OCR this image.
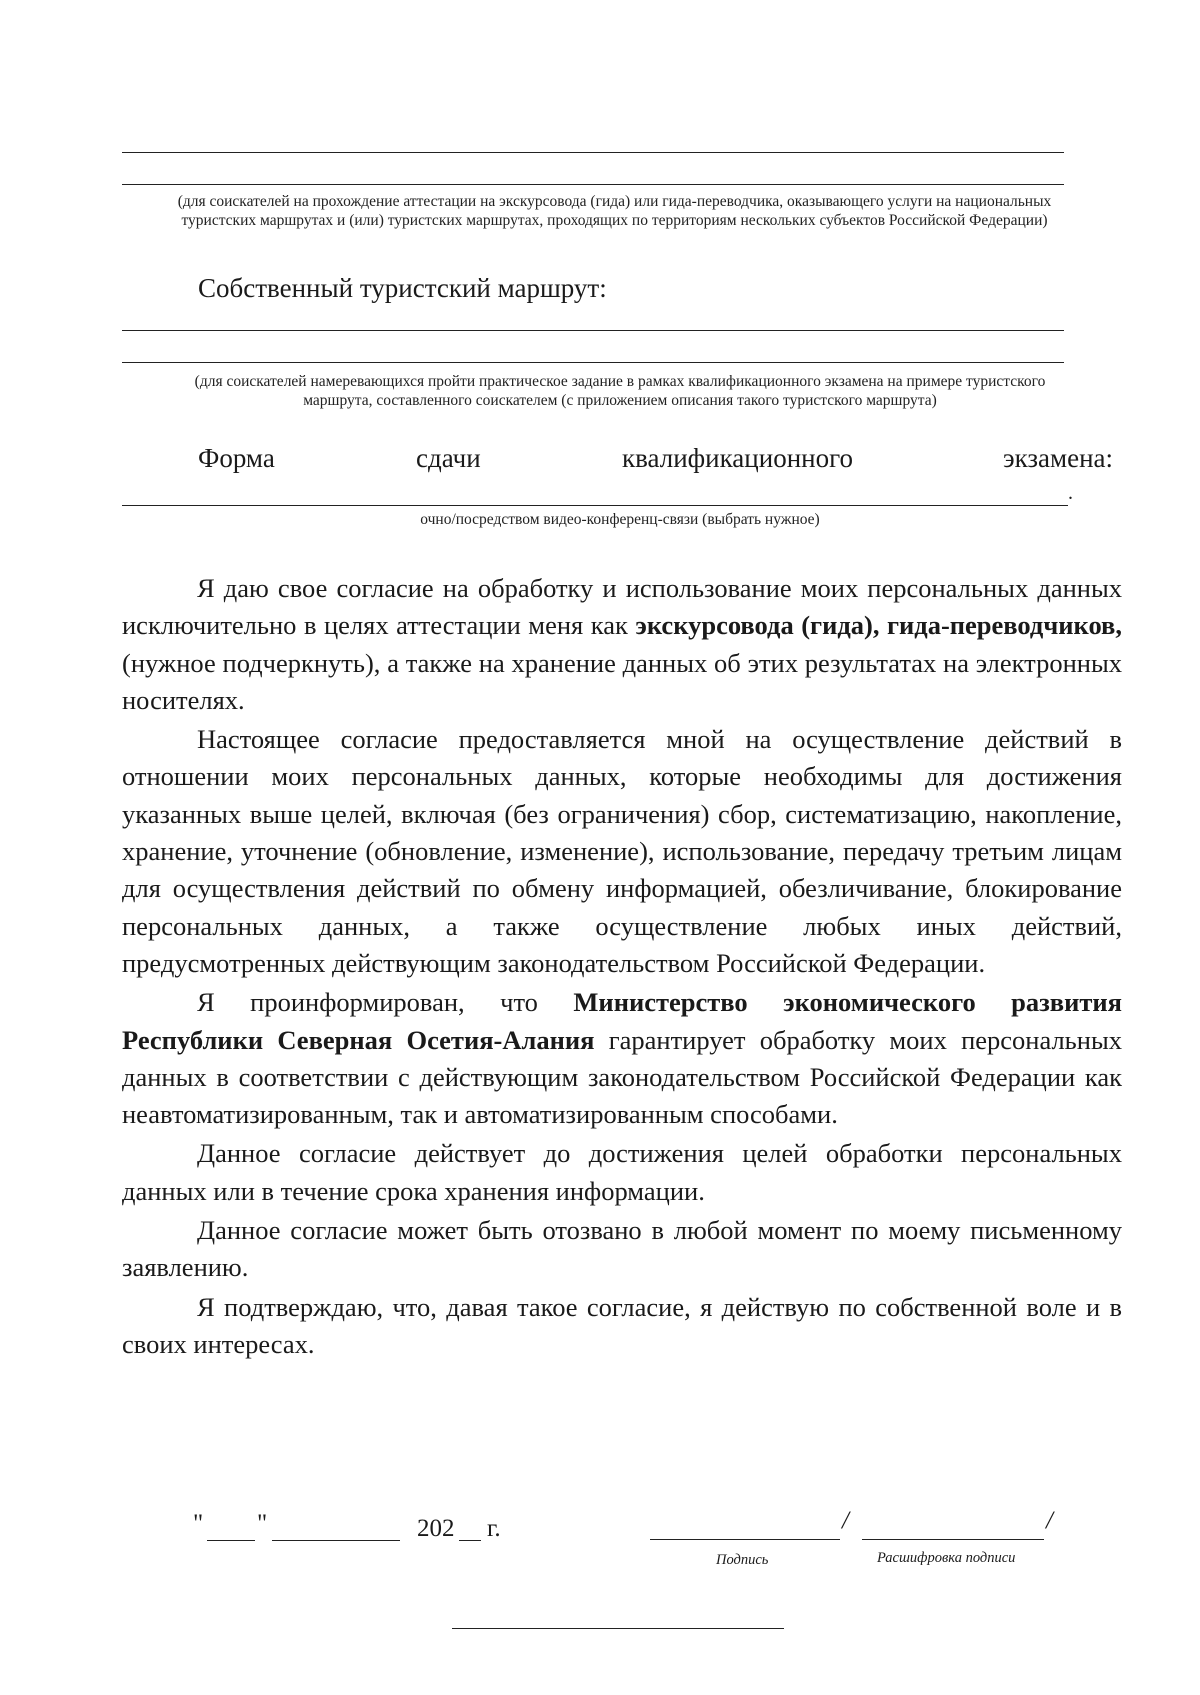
(для соискателей на прохождение аттестации на экскурсовода (гида) или гида-переводчика, оказывающего услуги на национальных туристских маршрутах и (или) туристских маршрутах, проходящих по территориям нескольких субъектов Российской Федерации)
Собственный туристский маршрут:
(для соискателей намеревающихся пройти практическое задание в рамках квалификационного экзамена на примере туристского маршрута, составленного соискателем (с приложением описания такого туристского маршрута)
Форма	сдачи	квалификационного	экзамена:
.
очно/посредством видео-конференц-связи (выбрать нужное)

Я даю свое согласие на обработку и использование моих персональных данных исключительно в целях аттестации меня как экскурсовода (гида), гида-переводчиков, (нужное подчеркнуть), а также на хранение данных об этих результатах на электронных носителях.

Настоящее согласие предоставляется мной на осуществление действий в отношении моих персональных данных, которые необходимы для достижения указанных выше целей, включая (без ограничения) сбор, систематизацию, накопление, хранение, уточнение (обновление, изменение), использование, передачу третьим лицам для осуществления действий по обмену информацией, обезличивание, блокирование персональных данных, а также осуществление любых иных действий, предусмотренных действующим законодательством Российской Федерации.

Я проинформирован, что Министерство экономического развития Республики Северная Осетия-Алания гарантирует обработку моих персональных данных в соответствии с действующим законодательством Российской Федерации как неавтоматизированным, так и автоматизированным способами.

Данное согласие действует до достижения целей обработки персональных данных или в течение срока хранения информации.

Данное согласие может быть отозвано в любой момент по моему письменному заявлению.

Я подтверждаю, что, давая такое согласие, я действую по собственной воле и в своих интересах.

" "	202 г.	/	/
Подпись	Расшифровка подписи
